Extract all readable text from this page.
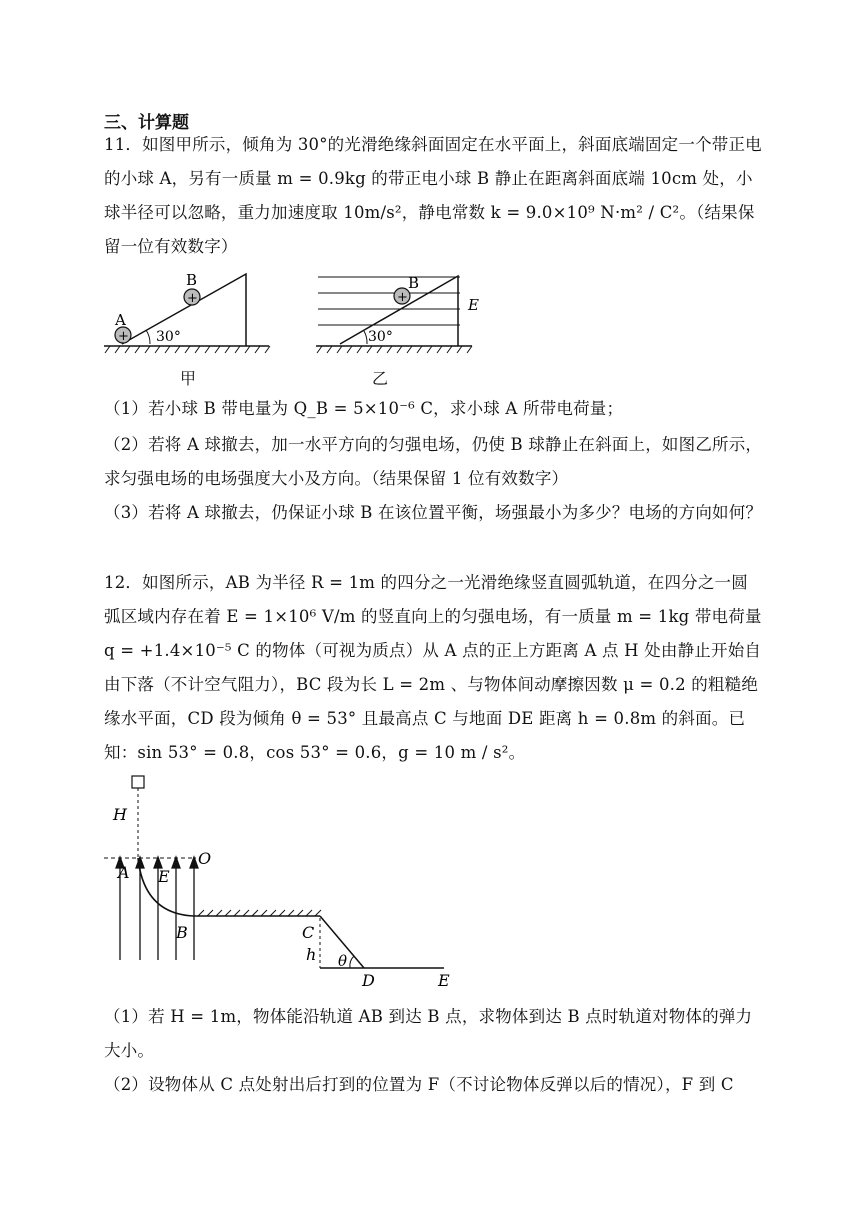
三、计算题

11．如图甲所示，倾角为 30°的光滑绝缘斜面固定在水平面上，斜面底端固定一个带正电的小球 A，另有一质量 m = 0.9kg 的带正电小球 B 静止在距离斜面底端 10cm 处，小球半径可以忽略，重力加速度取 10m/s²，静电常数 k = 9.0×10⁹ N·m² / C²。（结果保留一位有效数字）

30°
+
A
+
B
甲
30°
+
B
E
乙

（1）若小球 B 带电量为 Q_B = 5×10⁻⁶ C，求小球 A 所带电荷量；

（2）若将 A 球撤去，加一水平方向的匀强电场，仍使 B 球静止在斜面上，如图乙所示，求匀强电场的电场强度大小及方向。（结果保留 1 位有效数字）

（3）若将 A 球撤去，仍保证小球 B 在该位置平衡，场强最小为多少？电场的方向如何？

12．如图所示，AB 为半径 R = 1m 的四分之一光滑绝缘竖直圆弧轨道，在四分之一圆弧区域内存在着 E = 1×10⁶ V/m 的竖直向上的匀强电场，有一质量 m = 1kg 带电荷量 q = +1.4×10⁻⁵ C 的物体（可视为质点）从 A 点的正上方距离 A 点 H 处由静止开始自由下落（不计空气阻力），BC 段为长 L = 2m 、与物体间动摩擦因数 μ = 0.2 的粗糙绝缘水平面，CD 段为倾角 θ = 53° 且最高点 C 与地面 DE 距离 h = 0.8m 的斜面。已知：sin 53° = 0.8，cos 53° = 0.6，g = 10 m / s²。

H
O
A E
B	C
h θ
D	E

（1）若 H = 1m，物体能沿轨道 AB 到达 B 点，求物体到达 B 点时轨道对物体的弹力大小。

（2）设物体从 C 点处射出后打到的位置为 F（不讨论物体反弹以后的情况），F 到 C
